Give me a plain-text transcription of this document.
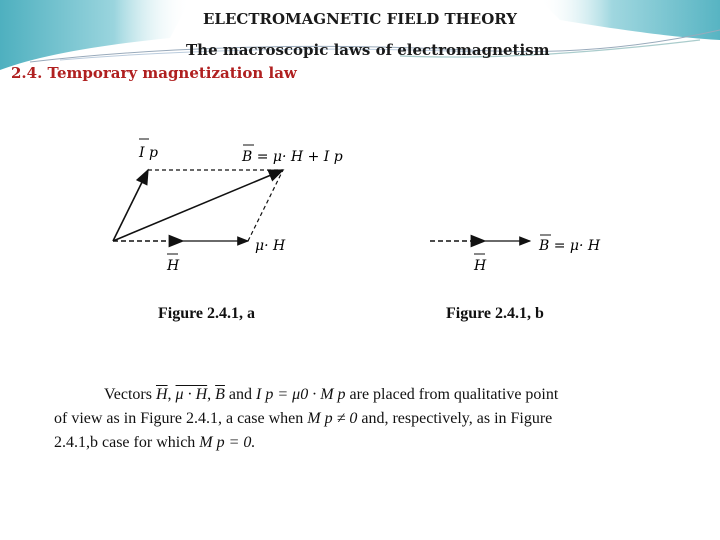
ELECTROMAGNETIC FIELD THEORY
The macroscopic laws of electromagnetism
2.4. Temporary magnetization law
I p	B = μ· H + I p
μ· H
H
B = μ· H
H
Figure 2.4.1, a	Figure 2.4.1, b
Vectors $\overline{H}$, μ · H, $\overline{B}$ and I p = μ0 · M p are placed from qualitative point
of view as in Figure 2.4.1, a case when M p ≠ 0 and, respectively, as in Figure
2.4.1,b case for which M p = 0.
